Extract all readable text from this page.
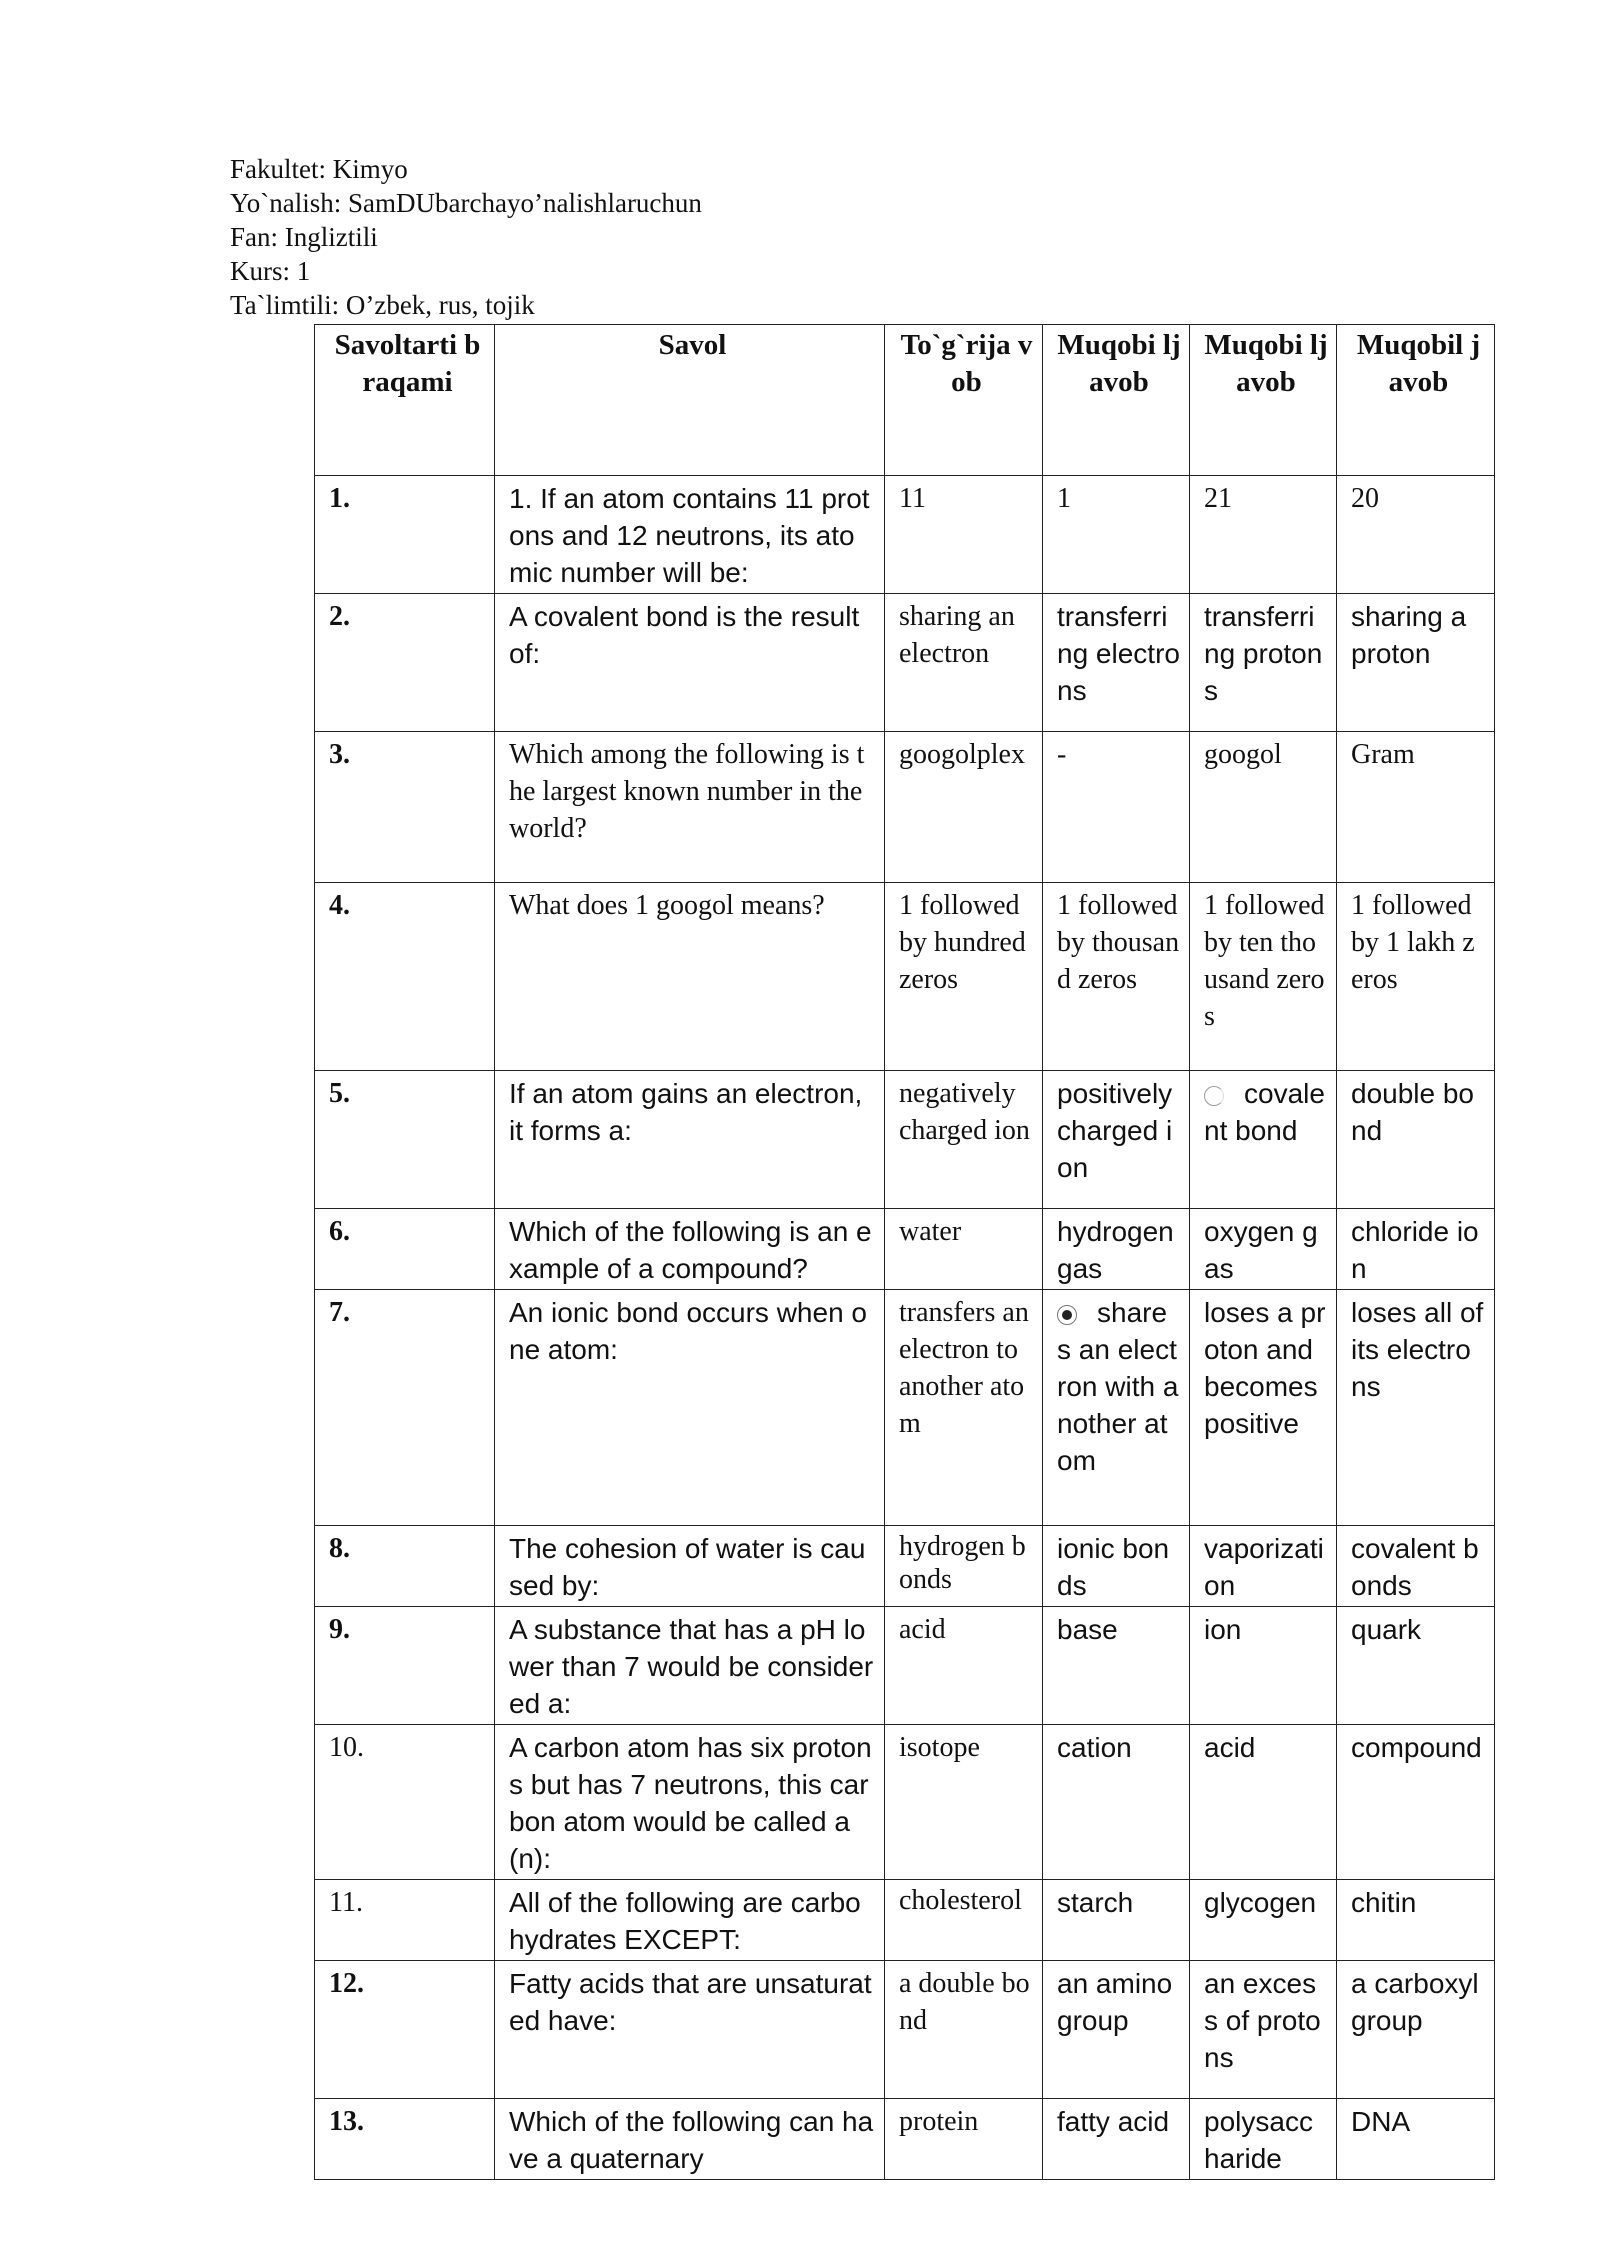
Fakultet: Kimyo
Yo`nalish: SamDUbarchayo’nalishlaruchun
Fan: Ingliztili
Kurs: 1
Ta`limtili: O’zbek, rus, tojik
Savoltarti braqami	Savol	To`g`rija vob	Muqobi ljavob	Muqobi ljavob	Muqobil javob
1.	1. If an atom contains 11 protons and 12 neutrons, its atomic number will be:	11	1	21	20
2.	A covalent bond is the result of:	sharing an electron	transferring electrons	transferring protons	sharing a proton
3.	Which among the following is the largest known number in the world?	googolplex	-	googol	Gram
4.	What does 1 googol means?	1 followed by hundred zeros	1 followed by thousand zeros	1 followed by ten thousand zeros	1 followed by 1 lakh zeros
5.	If an atom gains an electron, it forms a:	negatively charged ion	positively charged ion	covalent bond	double bond
6.	Which of the following is an example of a compound?	water	hydrogen gas	oxygen gas	chloride ion
7.	An ionic bond occurs when one atom:	transfers an electron to another atom	shares an electron with another atom	loses a proton and becomes positive	loses all of its electrons
8.	The cohesion of water is caused by:	hydrogen bonds	ionic bonds	vaporization	covalent bonds
9.	A substance that has a pH lower than 7 would be considered a:	acid	base	ion	quark
10.	A carbon atom has six protons but has 7 neutrons, this carbon atom would be called a(n):	isotope	cation	acid	compound
11.	All of the following are carbohydrates EXCEPT:	cholesterol	starch	glycogen	chitin
12.	Fatty acids that are unsaturated have:	a double bond	an amino group	an excess of protons	a carboxyl group
13.	Which of the following can have a quaternary	protein	fatty acid	polysaccharide	DNA
